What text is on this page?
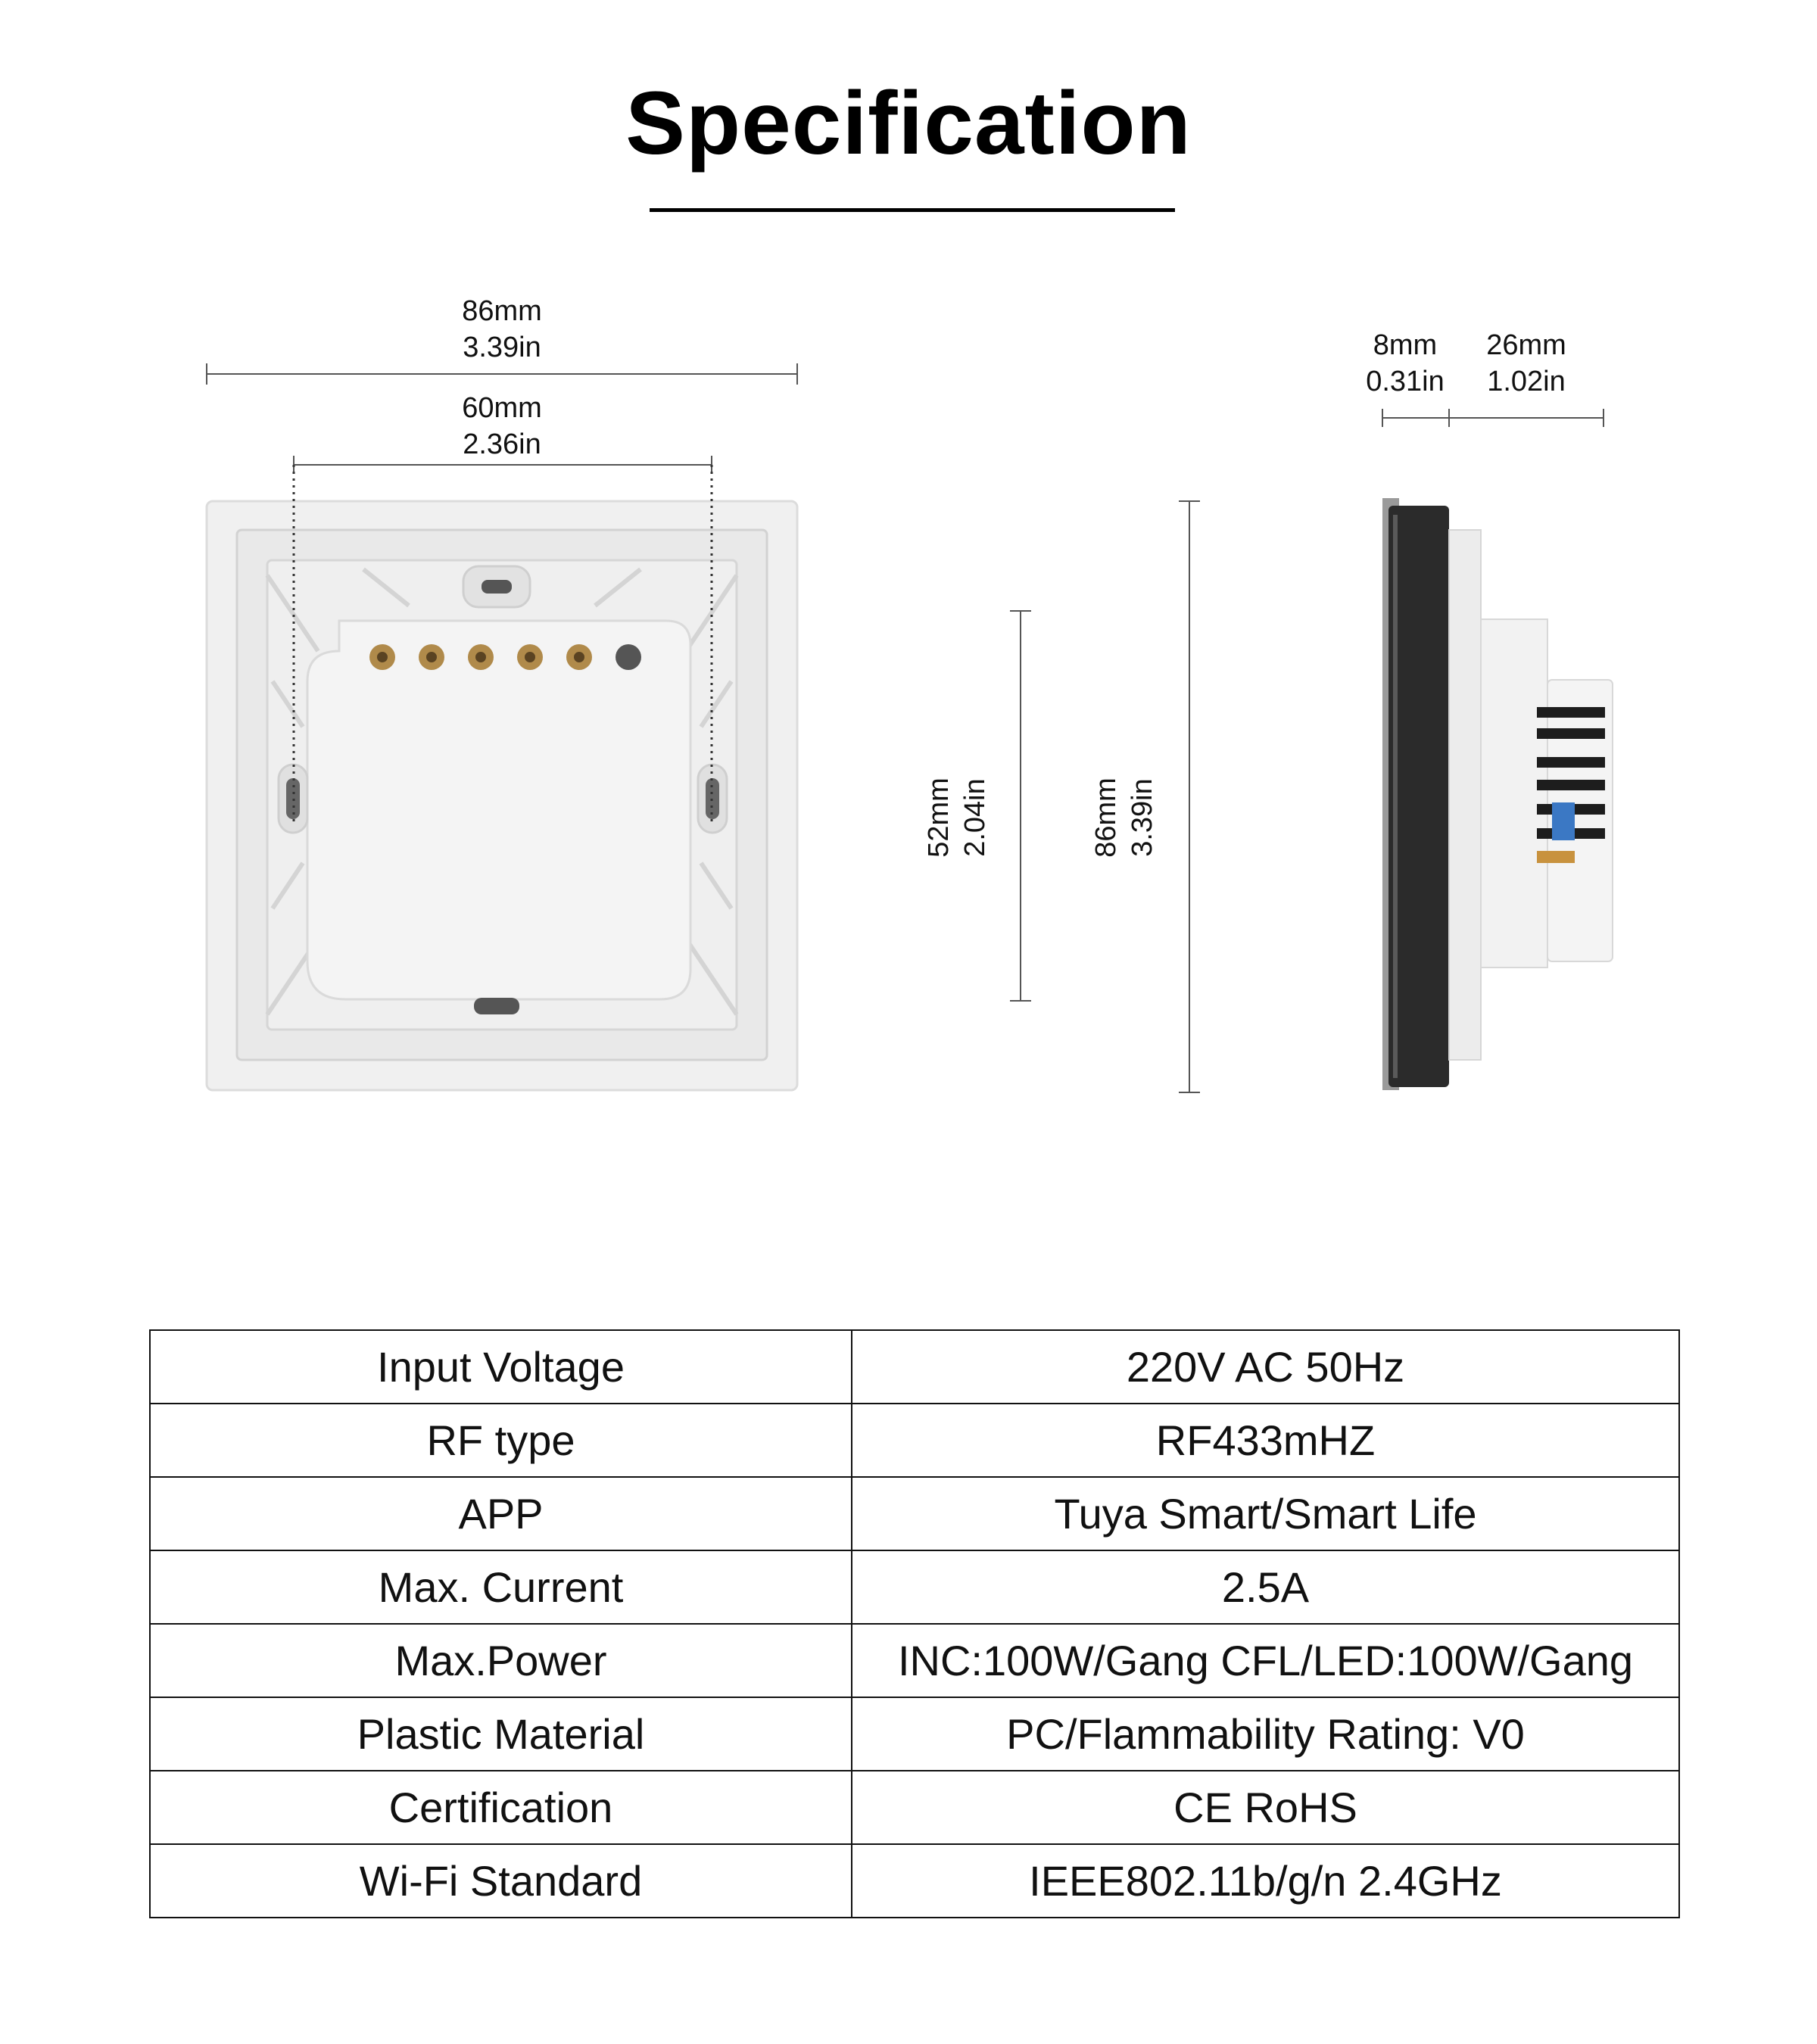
Specification
86mm
3.39in
60mm
2.36in
8mm
0.31in
26mm
1.02in
52mm 2.04in	86mm 3.39in
Input Voltage	220V AC 50Hz
RF type	RF433mHZ
APP	Tuya Smart/Smart Life
Max. Current	2.5A
Max.Power	INC:100W/Gang CFL/LED:100W/Gang
Plastic Material	PC/Flammability Rating: V0
Certification	CE RoHS
Wi-Fi Standard	IEEE802.11b/g/n 2.4GHz
